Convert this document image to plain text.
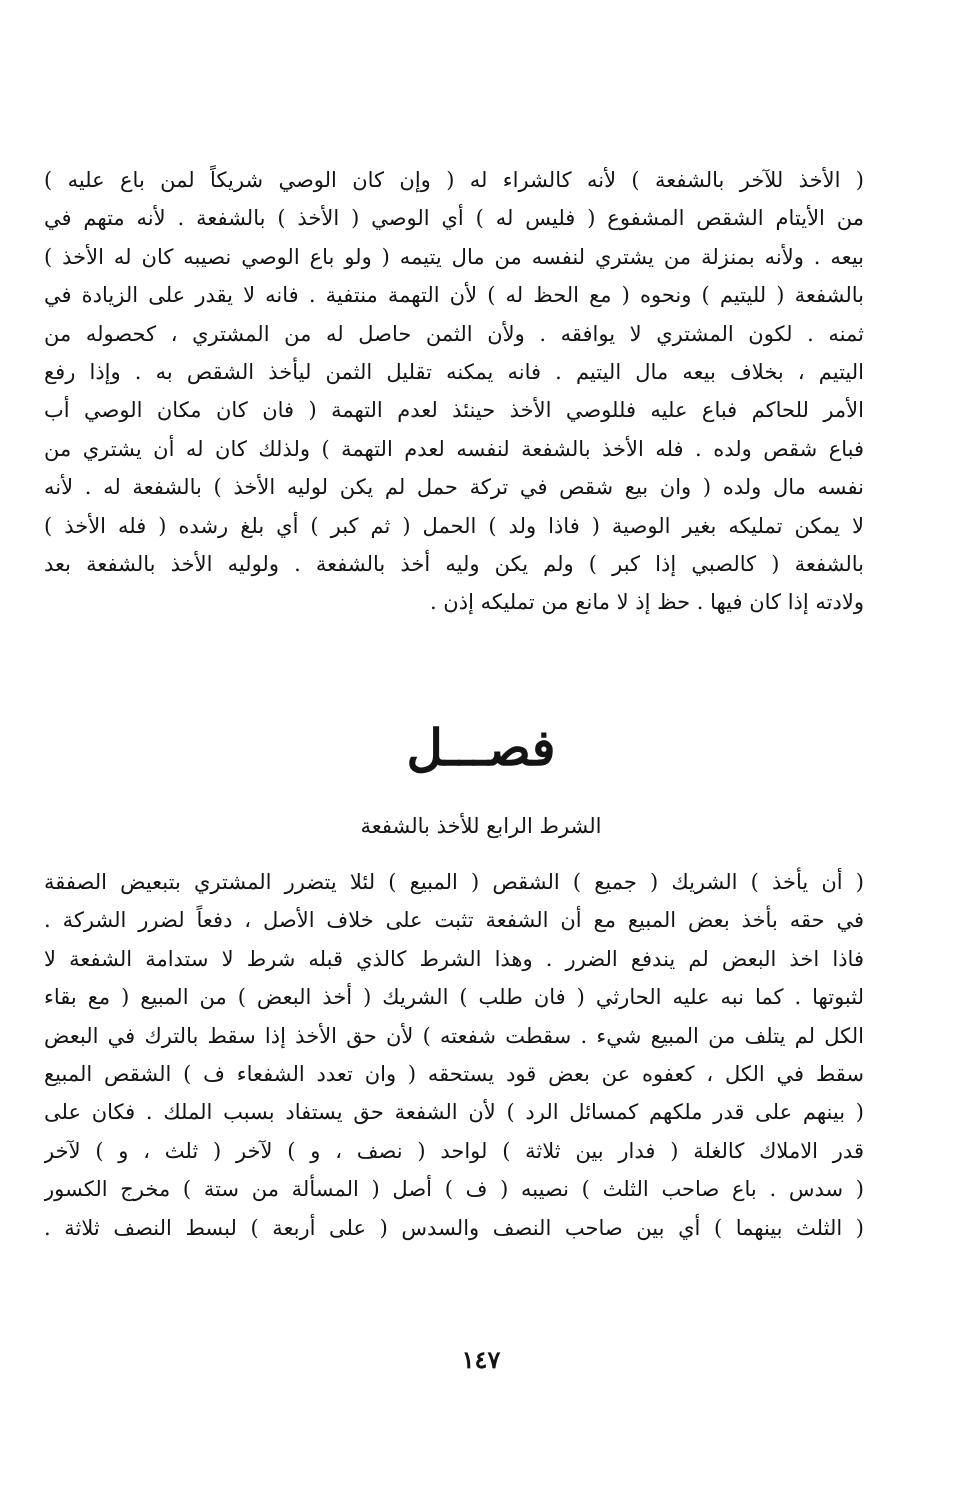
( الأخذ للآخر بالشفعة ) لأنه كالشراء له ( وإن كان الوصي شريكاً لمن باع عليه )
من الأيتام الشقص المشفوع ( فليس له ) أي الوصي ( الأخذ ) بالشفعة . لأنه متهم في
بيعه . ولأنه بمنزلة من يشتري لنفسه من مال يتيمه ( ولو باع الوصي نصيبه كان له الأخذ )
بالشفعة ( لليتيم ) ونحوه ( مع الحظ له ) لأن التهمة منتفية . فانه لا يقدر على الزيادة في
ثمنه . لكون المشتري لا يوافقه . ولأن الثمن حاصل له من المشتري ، كحصوله من
اليتيم ، بخلاف بيعه مال اليتيم . فانه يمكنه تقليل الثمن ليأخذ الشقص به . وإذا رفع
الأمر للحاكم فباع عليه فللوصي الأخذ حينئذ لعدم التهمة ( فان كان مكان الوصي أب
فباع شقص ولده . فله الأخذ بالشفعة لنفسه لعدم التهمة ) ولذلك كان له أن يشتري من
نفسه مال ولده ( وان بيع شقص في تركة حمل لم يكن لوليه الأخذ ) بالشفعة له . لأنه
لا يمكن تمليكه بغير الوصية ( فاذا ولد ) الحمل ( ثم كبر ) أي بلغ رشده ( فله الأخذ )
بالشفعة ( كالصبي إذا كبر ) ولم يكن وليه أخذ بالشفعة . ولوليه الأخذ بالشفعة بعد
ولادته إذا كان فيها . حظ إذ لا مانع من تمليكه إذن .
فصـــل
الشرط الرابع للأخذ بالشفعة
( أن يأخذ ) الشريك ( جميع ) الشقص ( المبيع ) لئلا يتضرر المشتري بتبعيض الصفقة
في حقه بأخذ بعض المبيع مع أن الشفعة تثبت على خلاف الأصل ، دفعاً لضرر الشركة .
فاذا اخذ البعض لم يندفع الضرر . وهذا الشرط كالذي قبله شرط لا ستدامة الشفعة لا
لثبوتها . كما نبه عليه الحارثي ( فان طلب ) الشريك ( أخذ البعض ) من المبيع ( مع بقاء
الكل لم يتلف من المبيع شيء . سقطت شفعته ) لأن حق الأخذ إذا سقط بالترك في البعض
سقط في الكل ، كعفوه عن بعض قود يستحقه ( وان تعدد الشفعاء ف ) الشقص المبيع
( بينهم على قدر ملكهم كمسائل الرد ) لأن الشفعة حق يستفاد بسبب الملك . فكان على
قدر الاملاك كالغلة ( فدار بين ثلاثة ) لواحد ( نصف ، و ) لآخر ( ثلث ، و ) لآخر
( سدس . باع صاحب الثلث ) نصيبه ( ف ) أصل ( المسألة من ستة ) مخرج الكسور
( الثلث بينهما ) أي بين صاحب النصف والسدس ( على أربعة ) لبسط النصف ثلاثة .
١٤٧
